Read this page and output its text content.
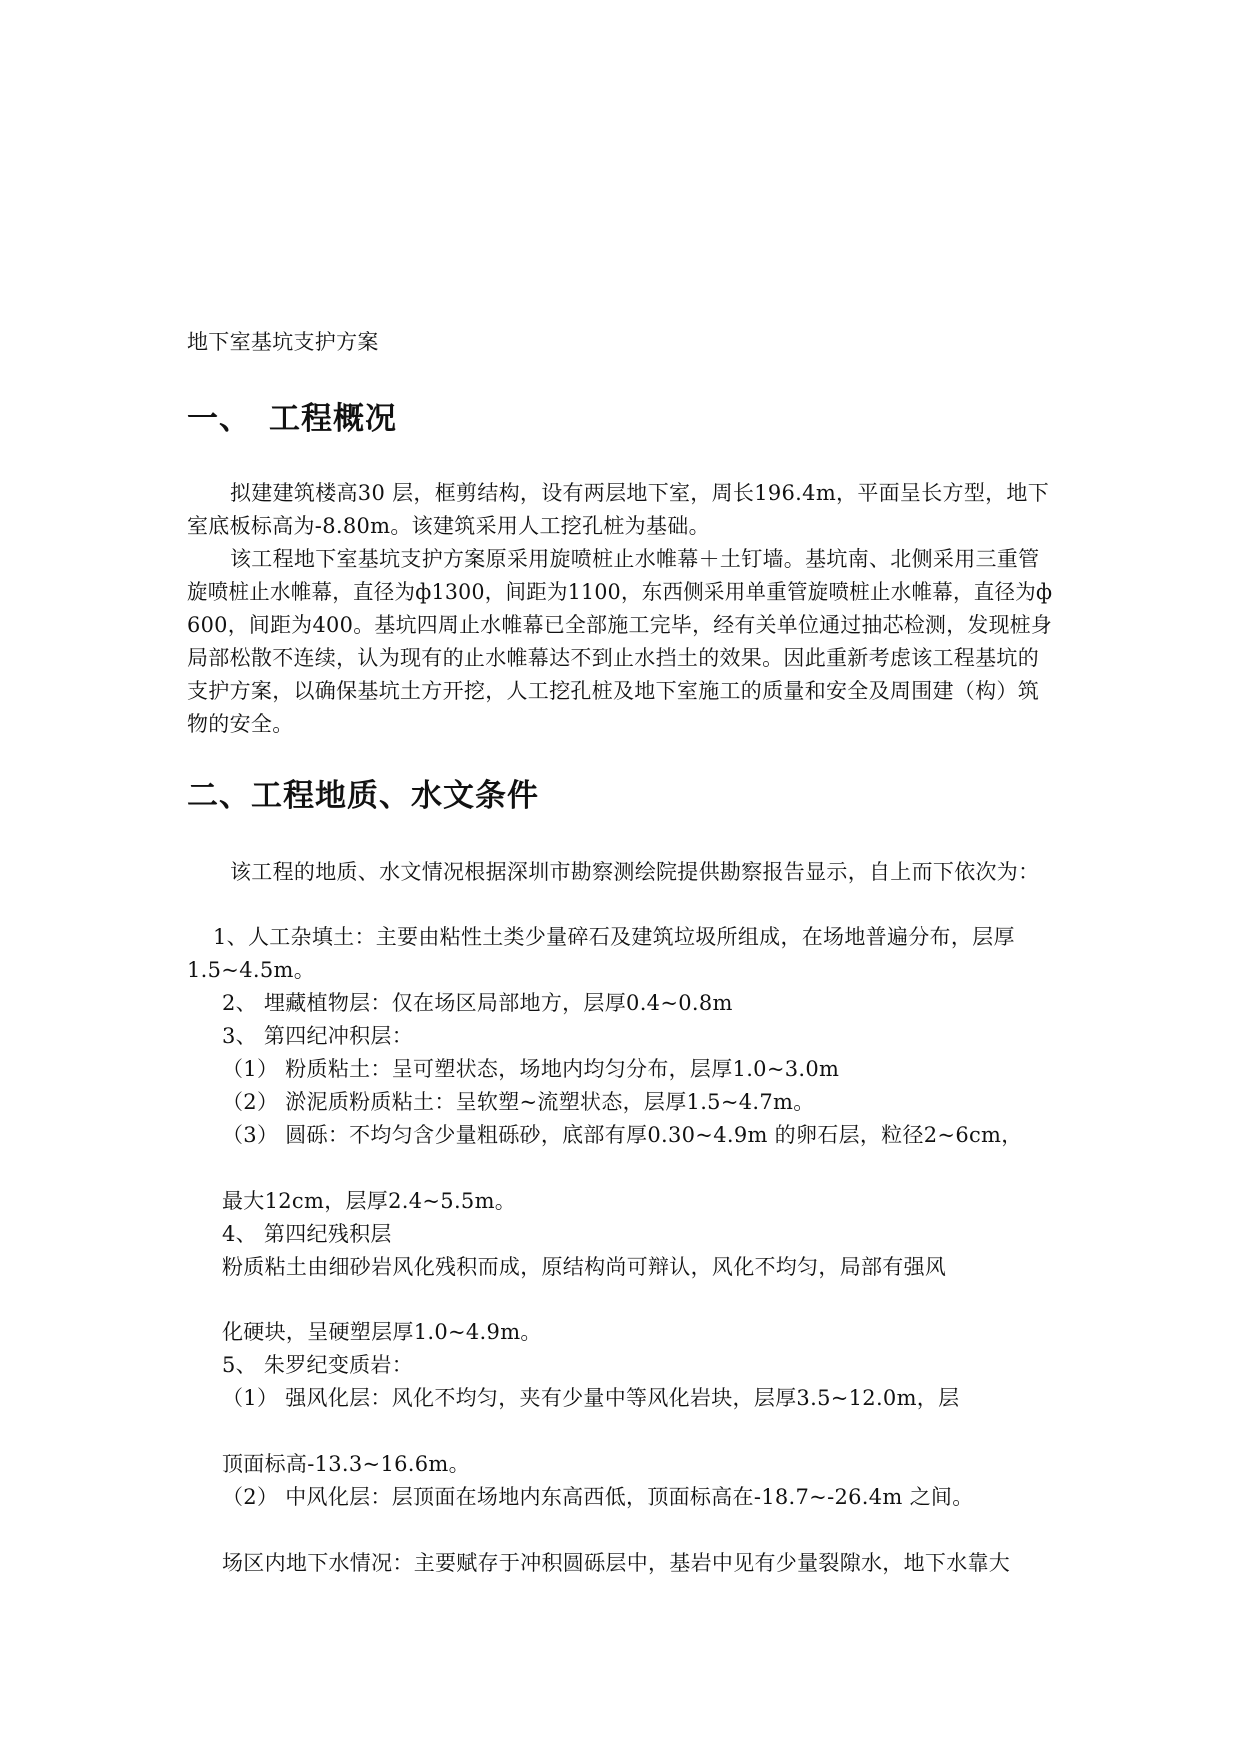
地下室基坑支护方案
一、 工程概况
拟建建筑楼高30 层，框剪结构，设有两层地下室，周长196.4m，平面呈长方型，地下
室底板标高为-8.80m。该建筑采用人工挖孔桩为基础。
该工程地下室基坑支护方案原采用旋喷桩止水帷幕＋土钉墙。基坑南、北侧采用三重管
旋喷桩止水帷幕，直径为ф1300，间距为1100，东西侧采用单重管旋喷桩止水帷幕，直径为ф
600，间距为400。基坑四周止水帷幕已全部施工完毕，经有关单位通过抽芯检测，发现桩身
局部松散不连续，认为现有的止水帷幕达不到止水挡土的效果。因此重新考虑该工程基坑的
支护方案，以确保基坑土方开挖，人工挖孔桩及地下室施工的质量和安全及周围建（构）筑
物的安全。
二、工程地质、水文条件
该工程的地质、水文情况根据深圳市勘察测绘院提供勘察报告显示，自上而下依次为：
1、人工杂填土：主要由粘性土类少量碎石及建筑垃圾所组成，在场地普遍分布，层厚
1.5~4.5m。
2、 埋藏植物层：仅在场区局部地方，层厚0.4~0.8m
3、 第四纪冲积层：
（1） 粉质粘土：呈可塑状态，场地内均匀分布，层厚1.0~3.0m
（2） 淤泥质粉质粘土：呈软塑~流塑状态，层厚1.5~4.7m。
（3） 圆砾：不均匀含少量粗砾砂，底部有厚0.30~4.9m 的卵石层，粒径2~6cm，
最大12cm，层厚2.4~5.5m。
4、 第四纪残积层
粉质粘土由细砂岩风化残积而成，原结构尚可辩认，风化不均匀，局部有强风
化硬块，呈硬塑层厚1.0~4.9m。
5、 朱罗纪变质岩：
（1） 强风化层：风化不均匀，夹有少量中等风化岩块，层厚3.5~12.0m，层
顶面标高-13.3~16.6m。
（2） 中风化层：层顶面在场地内东高西低，顶面标高在-18.7~-26.4m 之间。
场区内地下水情况：主要赋存于冲积圆砾层中，基岩中见有少量裂隙水，地下水靠大
